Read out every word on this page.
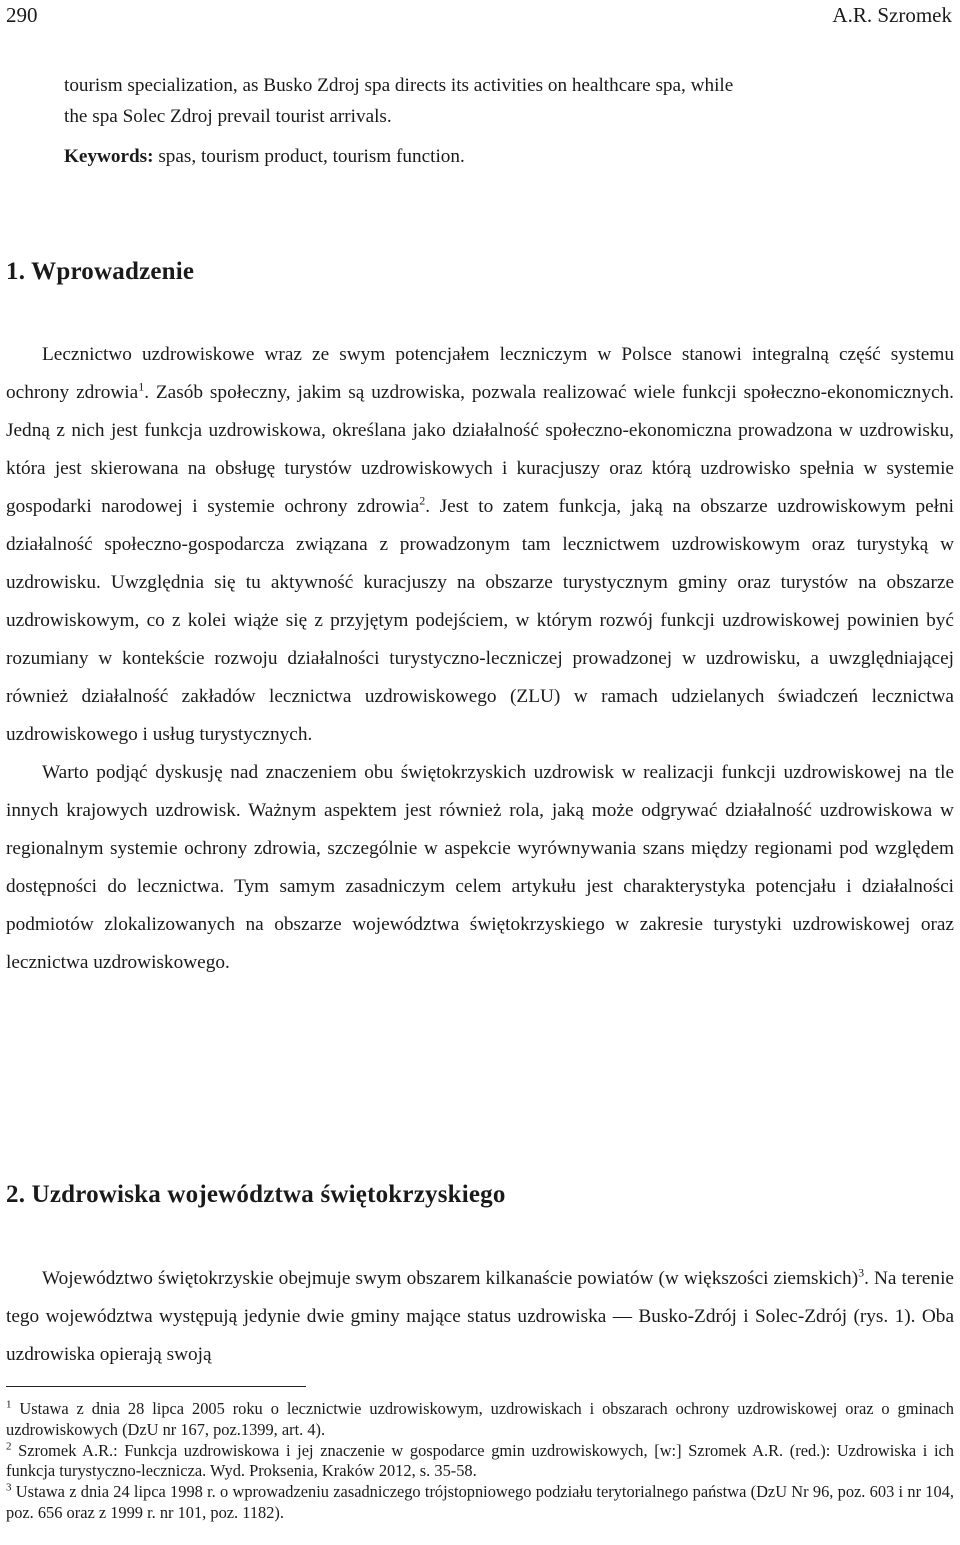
290	A.R. Szromek
tourism specialization, as Busko Zdroj spa directs its activities on healthcare spa, while
the spa Solec Zdroj prevail tourist arrivals.
Keywords: spas, tourism product, tourism function.
1. Wprowadzenie

Lecznictwo uzdrowiskowe wraz ze swym potencjałem leczniczym w Polsce stanowi integralną część systemu ochrony zdrowia$^1$. Zasób społeczny, jakim są uzdrowiska, pozwala realizować wiele funkcji społeczno-ekonomicznych. Jedną z nich jest funkcja uzdrowiskowa, określana jako działalność społeczno-ekonomiczna prowadzona w uzdrowisku, która jest skierowana na obsługę turystów uzdrowiskowych i kuracjuszy oraz którą uzdrowisko spełnia w systemie gospodarki narodowej i systemie ochrony zdrowia$^2$. Jest to zatem funkcja, jaką na obszarze uzdrowiskowym pełni działalność społeczno-gospodarcza związana z prowadzonym tam lecznictwem uzdrowiskowym oraz turystyką w uzdrowisku. Uwzględnia się tu aktywność kuracjuszy na obszarze turystycznym gminy oraz turystów na obszarze uzdrowiskowym, co z kolei wiąże się z przyjętym podejściem, w którym rozwój funkcji uzdrowiskowej powinien być rozumiany w kontekście rozwoju działalności turystyczno-leczniczej prowadzonej w uzdrowisku, a uwzględniającej również działalność zakładów lecznictwa uzdrowiskowego (ZLU) w ramach udzielanych świadczeń lecznictwa uzdrowiskowego i usług turystycznych.

Warto podjąć dyskusję nad znaczeniem obu świętokrzyskich uzdrowisk w realizacji funkcji uzdrowiskowej na tle innych krajowych uzdrowisk. Ważnym aspektem jest również rola, jaką może odgrywać działalność uzdrowiskowa w regionalnym systemie ochrony zdrowia, szczególnie w aspekcie wyrównywania szans między regionami pod względem dostępności do lecznictwa. Tym samym zasadniczym celem artykułu jest charakterystyka potencjału i działalności podmiotów zlokalizowanych na obszarze województwa świętokrzyskiego w zakresie turystyki uzdrowiskowej oraz lecznictwa uzdrowiskowego.

2. Uzdrowiska województwa świętokrzyskiego

Województwo świętokrzyskie obejmuje swym obszarem kilkanaście powiatów (w większości ziemskich)$^3$. Na terenie tego województwa występują jedynie dwie gminy mające status uzdrowiska — Busko-Zdrój i Solec-Zdrój (rys. 1). Oba uzdrowiska opierają swoją

$^1$ Ustawa z dnia 28 lipca 2005 roku o lecznictwie uzdrowiskowym, uzdrowiskach i obszarach ochrony uzdrowiskowej oraz o gminach uzdrowiskowych (DzU nr 167, poz.1399, art. 4).

$^2$ Szromek A.R.: Funkcja uzdrowiskowa i jej znaczenie w gospodarce gmin uzdrowiskowych, [w:] Szromek A.R. (red.): Uzdrowiska i ich funkcja turystyczno-lecznicza. Wyd. Proksenia, Kraków 2012, s. 35-58.

$^3$ Ustawa z dnia 24 lipca 1998 r. o wprowadzeniu zasadniczego trójstopniowego podziału terytorialnego państwa (DzU Nr 96, poz. 603 i nr 104, poz. 656 oraz z 1999 r. nr 101, poz. 1182).
